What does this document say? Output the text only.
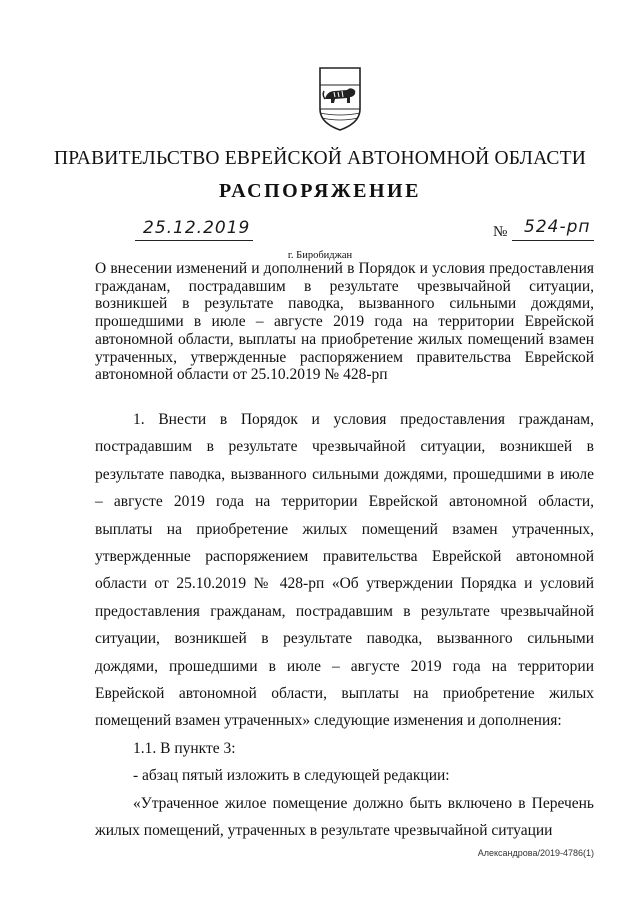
ПРАВИТЕЛЬСТВО ЕВРЕЙСКОЙ АВТОНОМНОЙ ОБЛАСТИ
РАСПОРЯЖЕНИЕ
25.12.2019	№ 524-рп
г. Биробиджан
О внесении изменений и дополнений в Порядок и условия предоставления гражданам, пострадавшим в результате чрезвычайной ситуации, возникшей в результате паводка, вызванного сильными дождями, прошедшими в июле – августе 2019 года на территории Еврейской автономной области, выплаты на приобретение жилых помещений взамен утраченных, утвержденные распоряжением правительства Еврейской автономной области от 25.10.2019 № 428-рп

1. Внести в Порядок и условия предоставления гражданам, пострадавшим в результате чрезвычайной ситуации, возникшей в результате паводка, вызванного сильными дождями, прошедшими в июле – августе 2019 года на территории Еврейской автономной области, выплаты на приобретение жилых помещений взамен утраченных, утвержденные распоряжением правительства Еврейской автономной области от 25.10.2019 № 428-рп «Об утверждении Порядка и условий предоставления гражданам, пострадавшим в результате чрезвычайной ситуации, возникшей в результате паводка, вызванного сильными дождями, прошедшими в июле – августе 2019 года на территории Еврейской автономной области, выплаты на приобретение жилых помещений взамен утраченных» следующие изменения и дополнения:

1.1. В пункте 3:

- абзац пятый изложить в следующей редакции:

«Утраченное жилое помещение должно быть включено в Перечень жилых помещений, утраченных в результате чрезвычайной ситуации

Александрова/2019-4786(1)
